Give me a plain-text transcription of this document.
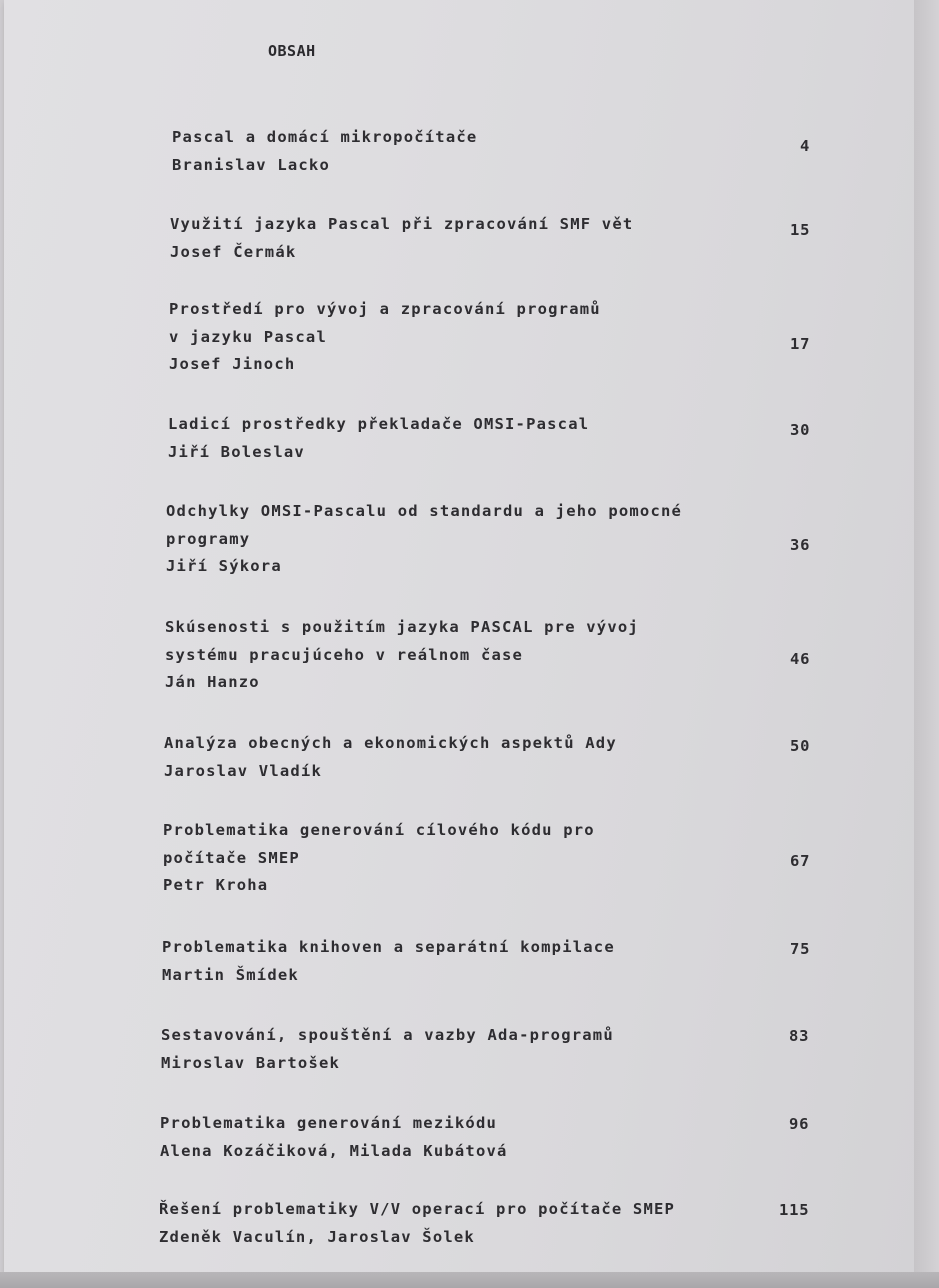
OBSAH
Pascal a domácí mikropočítače
Branislav Lacko
4
Využití jazyka Pascal při zpracování SMF vět
Josef Čermák
15
Prostředí pro vývoj a zpracování programů
v jazyku Pascal
Josef Jinoch
17
Ladicí prostředky překladače OMSI-Pascal
Jiří Boleslav
30
Odchylky OMSI-Pascalu od standardu a jeho pomocné
programy
Jiří Sýkora
36
Skúsenosti s použitím jazyka PASCAL pre vývoj
systému pracujúceho v reálnom čase
Ján Hanzo
46
Analýza obecných a ekonomických aspektů Ady
Jaroslav Vladík
50
Problematika generování cílového kódu pro
počítače SMEP
Petr Kroha
67
Problematika knihoven a separátní kompilace
Martin Šmídek
75
Sestavování, spouštění a vazby Ada-programů
Miroslav Bartošek
83
Problematika generování mezikódu
Alena Kozáčiková, Milada Kubátová
96
Řešení problematiky V/V operací pro počítače SMEP
Zdeněk Vaculín, Jaroslav Šolek
115
